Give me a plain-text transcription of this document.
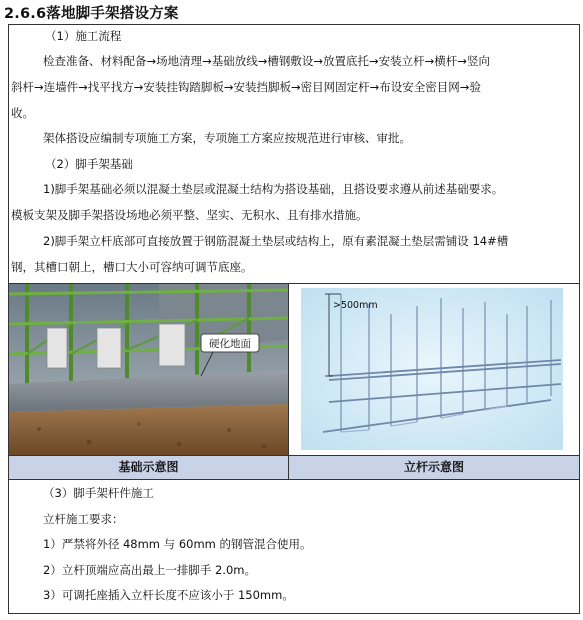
2.6.6落地脚手架搭设方案
（1）施工流程
检查准备、材料配备→场地清理→基础放线→槽钢敷设→放置底托→安装立杆→横杆→竖向
斜杆→连墙件→找平找方→安装挂钩踏脚板→安装挡脚板→密目网固定杆→布设安全密目网→验
收。
架体搭设应编制专项施工方案，专项施工方案应按规范进行审核、审批。
（2）脚手架基础
1)脚手架基础必须以混凝土垫层或混凝土结构为搭设基础，且搭设要求遵从前述基础要求。
模板支架及脚手架搭设场地必须平整、坚实、无积水、且有排水措施。
2)脚手架立杆底部可直接放置于钢筋混凝土垫层或结构上，原有素混凝土垫层需铺设 14#槽
钢，其槽口朝上，槽口大小可容纳可调节底座。
硬化地面
>500mm
基础示意图	立杆示意图
（3）脚手架杆件施工
立杆施工要求：
1）严禁将外径 48mm 与 60mm 的钢管混合使用。
2）立杆顶端应高出最上一排脚手 2.0m。
3）可调托座插入立杆长度不应该小于 150mm。
